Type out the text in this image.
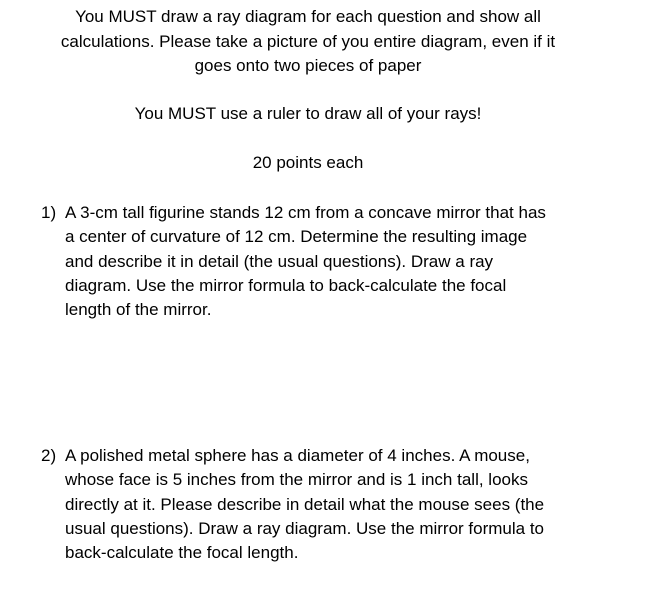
You MUST draw a ray diagram for each question and show all
calculations. Please take a picture of you entire diagram, even if it
goes onto two pieces of paper
You MUST use a ruler to draw all of your rays!
20 points each
1) A 3-cm tall figurine stands 12 cm from a concave mirror that has
a center of curvature of 12 cm. Determine the resulting image
and describe it in detail (the usual questions). Draw a ray
diagram. Use the mirror formula to back-calculate the focal
length of the mirror.
2) A polished metal sphere has a diameter of 4 inches. A mouse,
whose face is 5 inches from the mirror and is 1 inch tall, looks
directly at it. Please describe in detail what the mouse sees (the
usual questions). Draw a ray diagram. Use the mirror formula to
back-calculate the focal length.
